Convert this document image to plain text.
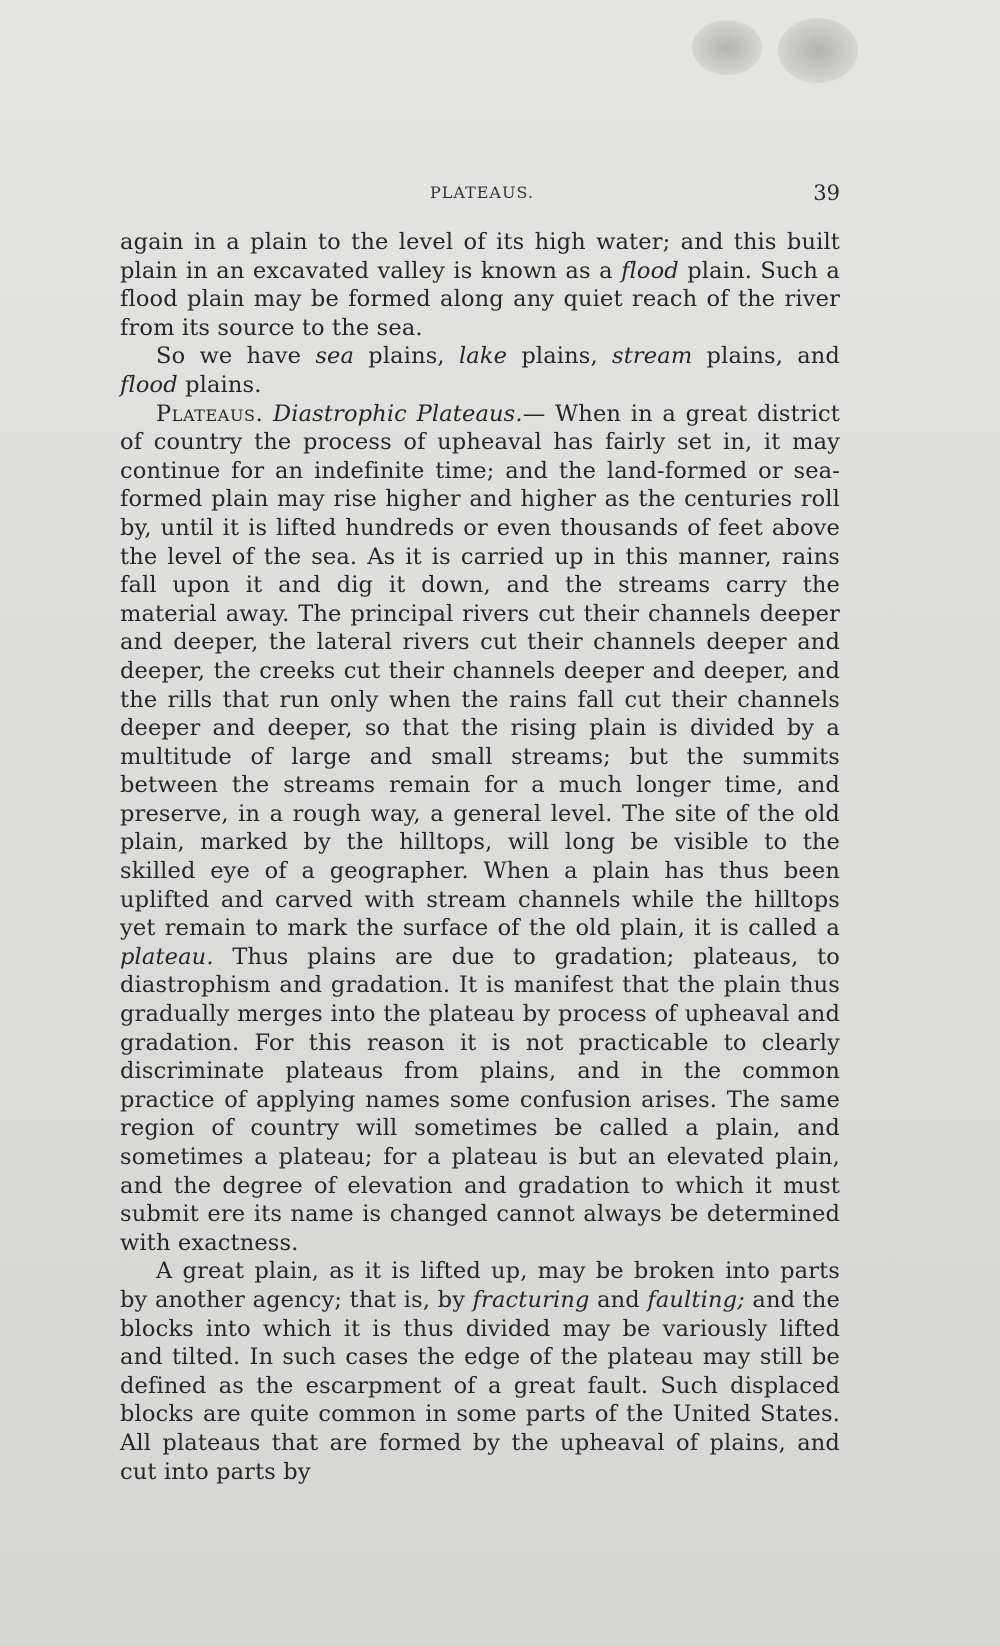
PLATEAUS.	39

again in a plain to the level of its high water; and this built plain in an excavated valley is known as a flood plain. Such a flood plain may be formed along any quiet reach of the river from its source to the sea.

So we have sea plains, lake plains, stream plains, and flood plains.

Plateaus. Diastrophic Plateaus.— When in a great district of country the process of upheaval has fairly set in, it may continue for an indefinite time; and the land-formed or sea-formed plain may rise higher and higher as the centuries roll by, until it is lifted hundreds or even thousands of feet above the level of the sea. As it is carried up in this manner, rains fall upon it and dig it down, and the streams carry the material away. The principal rivers cut their channels deeper and deeper, the lateral rivers cut their channels deeper and deeper, the creeks cut their channels deeper and deeper, and the rills that run only when the rains fall cut their channels deeper and deeper, so that the rising plain is divided by a multitude of large and small streams; but the summits between the streams remain for a much longer time, and preserve, in a rough way, a general level. The site of the old plain, marked by the hilltops, will long be visible to the skilled eye of a geographer. When a plain has thus been uplifted and carved with stream channels while the hilltops yet remain to mark the surface of the old plain, it is called a plateau. Thus plains are due to gradation; plateaus, to diastrophism and gradation. It is manifest that the plain thus gradually merges into the plateau by process of upheaval and gradation. For this reason it is not practicable to clearly discriminate plateaus from plains, and in the common practice of applying names some confusion arises. The same region of country will sometimes be called a plain, and sometimes a plateau; for a plateau is but an elevated plain, and the degree of elevation and gradation to which it must submit ere its name is changed cannot always be determined with exactness.

A great plain, as it is lifted up, may be broken into parts by another agency; that is, by fracturing and faulting; and the blocks into which it is thus divided may be variously lifted and tilted. In such cases the edge of the plateau may still be defined as the escarpment of a great fault. Such displaced blocks are quite common in some parts of the United States. All plateaus that are formed by the upheaval of plains, and cut into parts by
